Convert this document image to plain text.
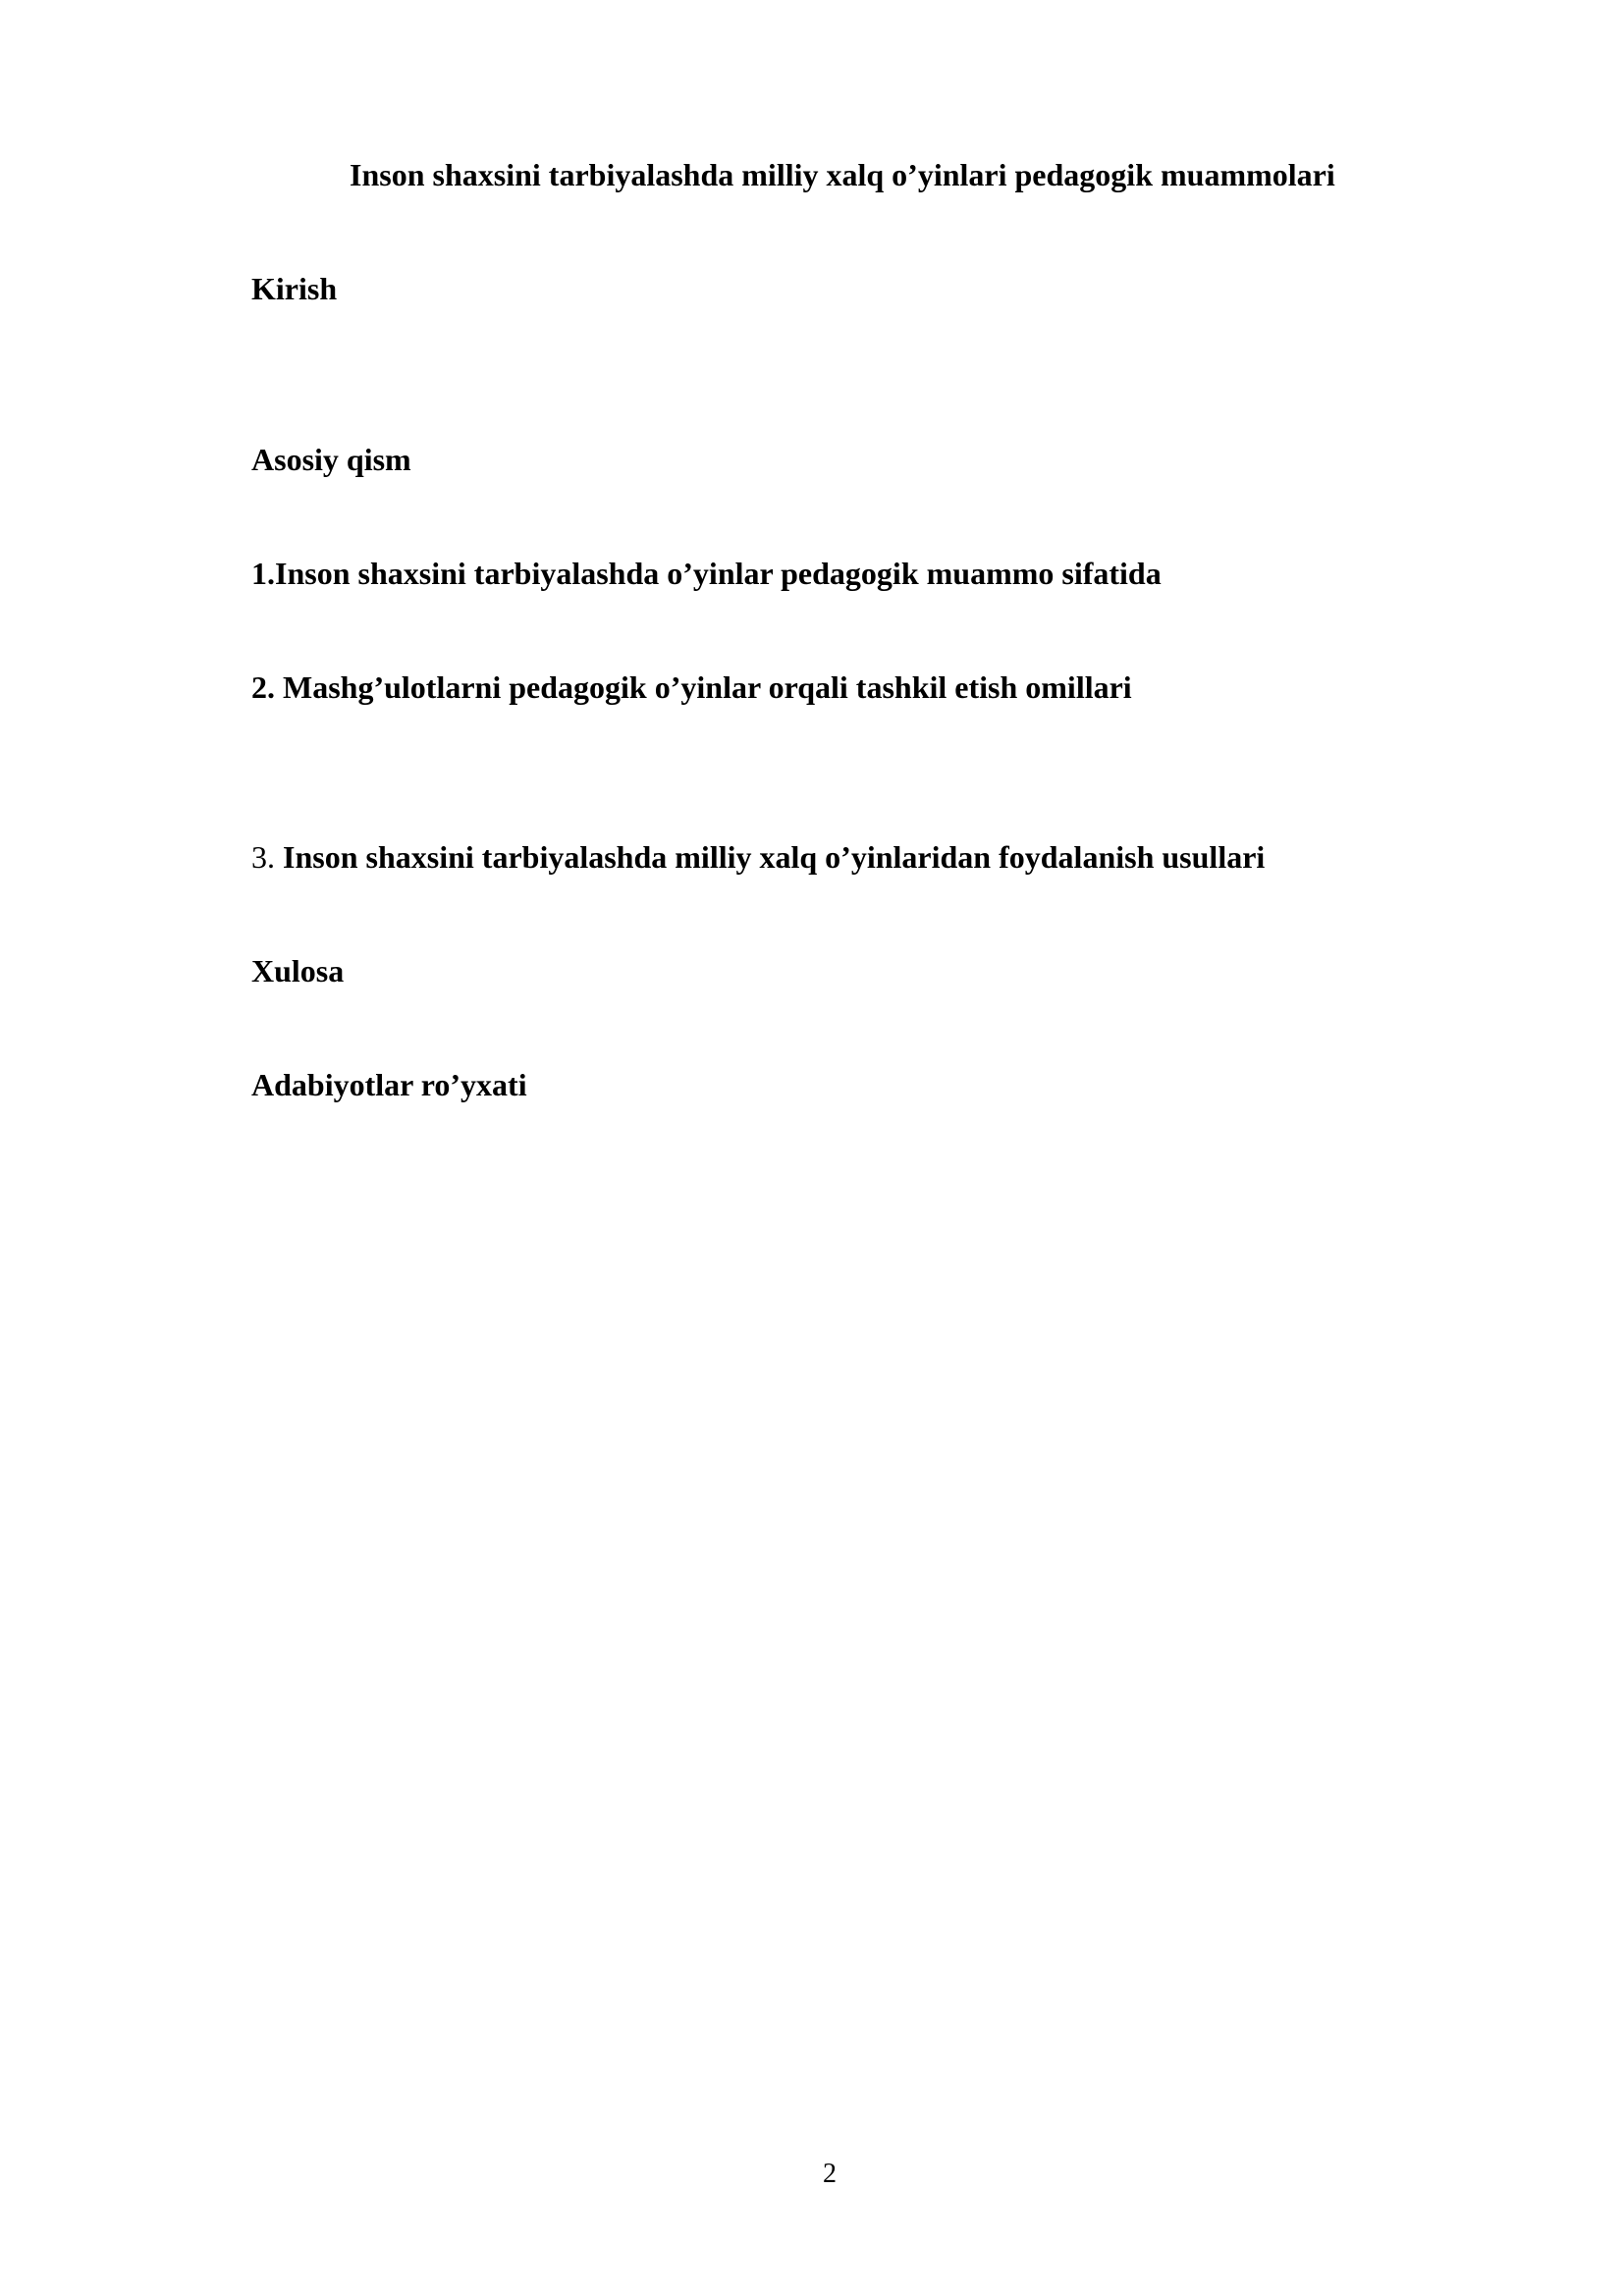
Inson shaxsini tarbiyalashda milliy xalq o’yinlari pedagogik muammolari
Kirish
Asosiy qism
1.Inson shaxsini tarbiyalashda o’yinlar pedagogik muammo sifatida
2. Mashg’ulotlarni pedagogik o’yinlar orqali tashkil etish omillari
3. Inson shaxsini tarbiyalashda milliy xalq o’yinlaridan foydalanish usullari
Xulosa
Adabiyotlar ro’yxati
2
